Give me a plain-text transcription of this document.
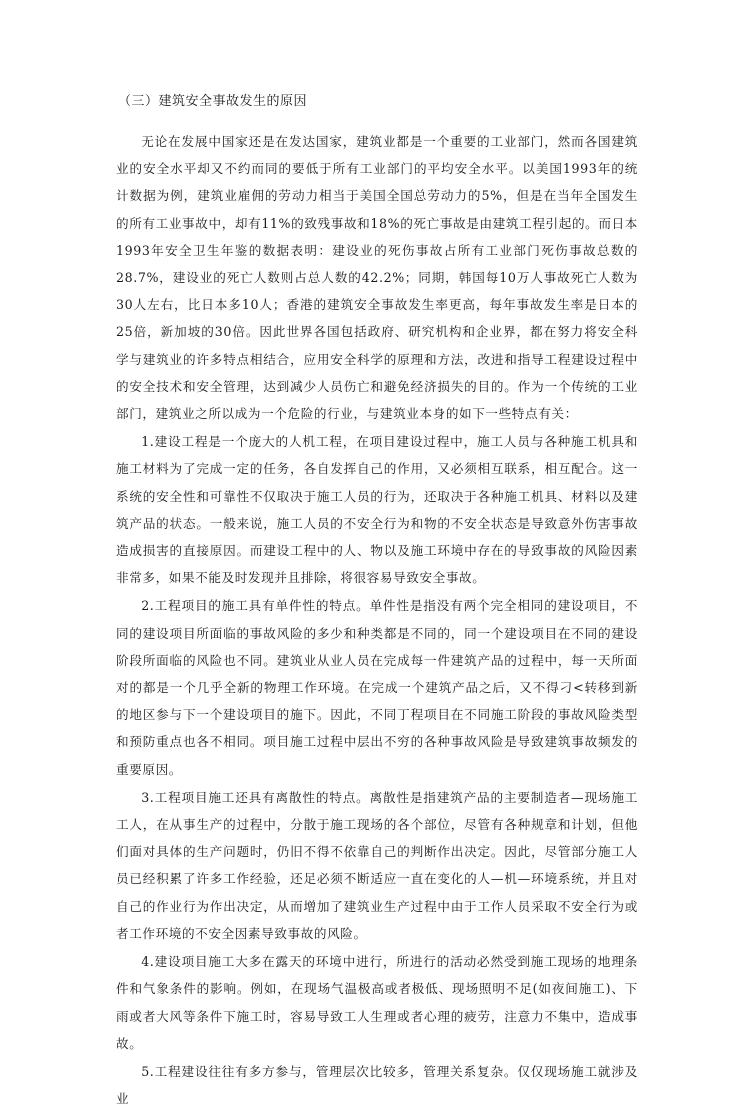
（三）建筑安全事故发生的原因

无论在发展中国家还是在发达国家，建筑业都是一个重要的工业部门，然而各国建筑业的安全水平却又不约而同的要低于所有工业部门的平均安全水平。以美国1993年的统计数据为例，建筑业雇佣的劳动力相当于美国全国总劳动力的5%，但是在当年全国发生的所有工业事故中，却有11%的致残事故和18%的死亡事故是由建筑工程引起的。而日本1993年安全卫生年鉴的数据表明：建设业的死伤事故占所有工业部门死伤事故总数的28.7%，建设业的死亡人数则占总人数的42.2%；同期，韩国每10万人事故死亡人数为30人左右，比日本多10人；香港的建筑安全事故发生率更高，每年事故发生率是日本的25倍，新加坡的30倍。因此世界各国包括政府、研究机构和企业界，都在努力将安全科学与建筑业的许多特点相结合，应用安全科学的原理和方法，改进和指导工程建设过程中的安全技术和安全管理，达到减少人员伤亡和避免经济损失的目的。作为一个传统的工业部门，建筑业之所以成为一个危险的行业，与建筑业本身的如下一些特点有关：

1.建设工程是一个庞大的人机工程，在项目建设过程中，施工人员与各种施工机具和施工材料为了完成一定的任务，各自发挥自己的作用，又必须相互联系，相互配合。这一系统的安全性和可靠性不仅取决于施工人员的行为，还取决于各种施工机具、材料以及建筑产品的状态。一般来说，施工人员的不安全行为和物的不安全状态是导致意外伤害事故造成损害的直接原因。而建设工程中的人、物以及施工环境中存在的导致事故的风险因素非常多，如果不能及时发现并且排除，将很容易导致安全事故。

2.工程项目的施工具有单件性的特点。单件性是指没有两个完全相同的建设项目，不同的建设项目所面临的事故风险的多少和种类都是不同的，同一个建设项目在不同的建设阶段所面临的风险也不同。建筑业从业人员在完成每一件建筑产品的过程中，每一天所面对的都是一个几乎全新的物理工作环境。在完成一个建筑产品之后，又不得刁<转移到新的地区参与下一个建设项目的施下。因此，不同丁程项目在不同施工阶段的事故风险类型和预防重点也各不相同。项目施工过程中层出不穷的各种事故风险是导致建筑事故频发的重要原因。

3.工程项目施工还具有离散性的特点。离散性是指建筑产品的主要制造者—现场施工工人，在从事生产的过程中，分散于施工现场的各个部位，尽管有各种规章和计划，但他们面对具体的生产问题时，仍旧不得不依靠自己的判断作出决定。因此，尽管部分施工人员已经积累了许多工作经验，还足必须不断适应一直在变化的人—机—环境系统，并且对自己的作业行为作出决定，从而增加了建筑业生产过程中由于工作人员采取不安全行为或者工作环境的不安全因素导致事故的风险。

4.建设项目施工大多在露天的环境中进行，所进行的活动必然受到施工现场的地理条件和气象条件的影响。例如，在现场气温极高或者极低、现场照明不足(如夜间施工)、下雨或者大风等条件下施工时，容易导致工人生理或者心理的疲劳，注意力不集中，造成事故。

5.工程建设往往有多方参与，管理层次比较多，管理关系复杂。仅仅现场施工就涉及业
